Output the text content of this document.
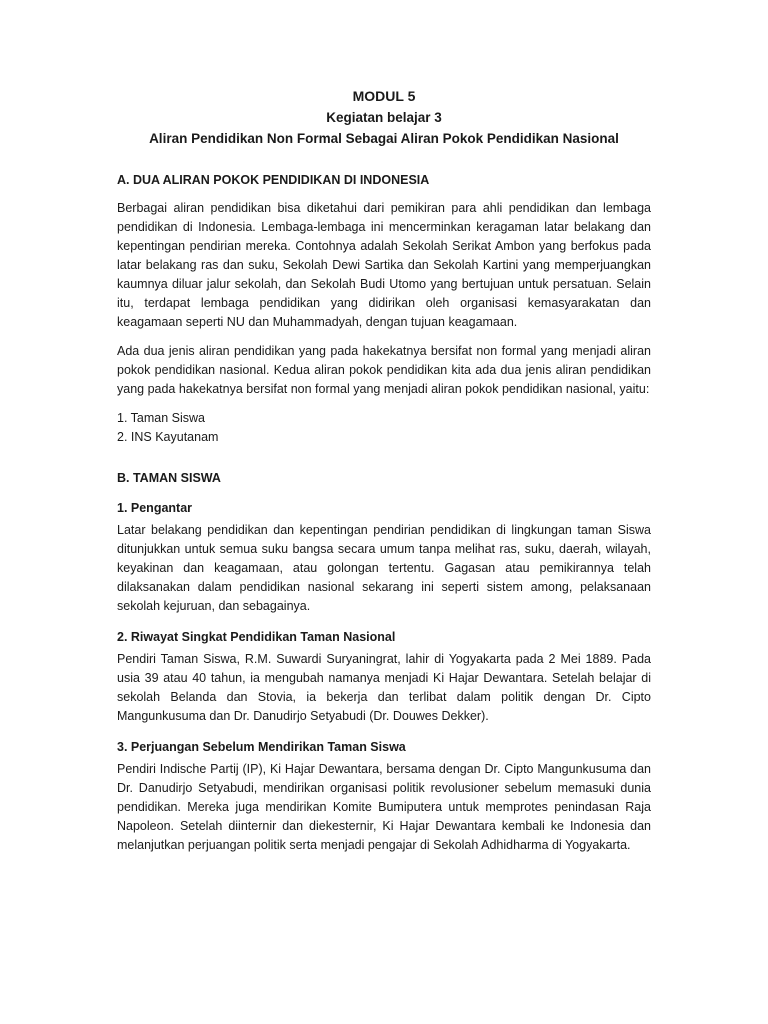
MODUL 5
Kegiatan belajar 3
Aliran Pendidikan Non Formal Sebagai Aliran Pokok Pendidikan Nasional
A. DUA ALIRAN POKOK PENDIDIKAN DI INDONESIA

Berbagai aliran pendidikan bisa diketahui dari pemikiran para ahli pendidikan dan lembaga pendidikan di Indonesia. Lembaga-lembaga ini mencerminkan keragaman latar belakang dan kepentingan pendirian mereka. Contohnya adalah Sekolah Serikat Ambon yang berfokus pada latar belakang ras dan suku, Sekolah Dewi Sartika dan Sekolah Kartini yang memperjuangkan kaumnya diluar jalur sekolah, dan Sekolah Budi Utomo yang bertujuan untuk persatuan. Selain itu, terdapat lembaga pendidikan yang didirikan oleh organisasi kemasyarakatan dan keagamaan seperti NU dan Muhammadyah, dengan tujuan keagamaan.

Ada dua jenis aliran pendidikan yang pada hakekatnya bersifat non formal yang menjadi aliran pokok pendidikan nasional. Kedua aliran pokok pendidikan kita ada dua jenis aliran pendidikan yang pada hakekatnya bersifat non formal yang menjadi aliran pokok pendidikan nasional, yaitu:

1. Taman Siswa
2. INS Kayutanam
B. TAMAN SISWA
1. Pengantar

Latar belakang pendidikan dan kepentingan pendirian pendidikan di lingkungan taman Siswa ditunjukkan untuk semua suku bangsa secara umum tanpa melihat ras, suku, daerah, wilayah, keyakinan dan keagamaan, atau golongan tertentu. Gagasan atau pemikirannya telah dilaksanakan dalam pendidikan nasional sekarang ini seperti sistem among, pelaksanaan sekolah kejuruan, dan sebagainya.

2. Riwayat Singkat Pendidikan Taman Nasional

Pendiri Taman Siswa, R.M. Suwardi Suryaningrat, lahir di Yogyakarta pada 2 Mei 1889. Pada usia 39 atau 40 tahun, ia mengubah namanya menjadi Ki Hajar Dewantara. Setelah belajar di sekolah Belanda dan Stovia, ia bekerja dan terlibat dalam politik dengan Dr. Cipto Mangunkusuma dan Dr. Danudirjo Setyabudi (Dr. Douwes Dekker).

3. Perjuangan Sebelum Mendirikan Taman Siswa

Pendiri Indische Partij (IP), Ki Hajar Dewantara, bersama dengan Dr. Cipto Mangunkusuma dan Dr. Danudirjo Setyabudi, mendirikan organisasi politik revolusioner sebelum memasuki dunia pendidikan. Mereka juga mendirikan Komite Bumiputera untuk memprotes penindasan Raja Napoleon. Setelah diinternir dan diekesternir, Ki Hajar Dewantara kembali ke Indonesia dan melanjutkan perjuangan politik serta menjadi pengajar di Sekolah Adhidharma di Yogyakarta.
